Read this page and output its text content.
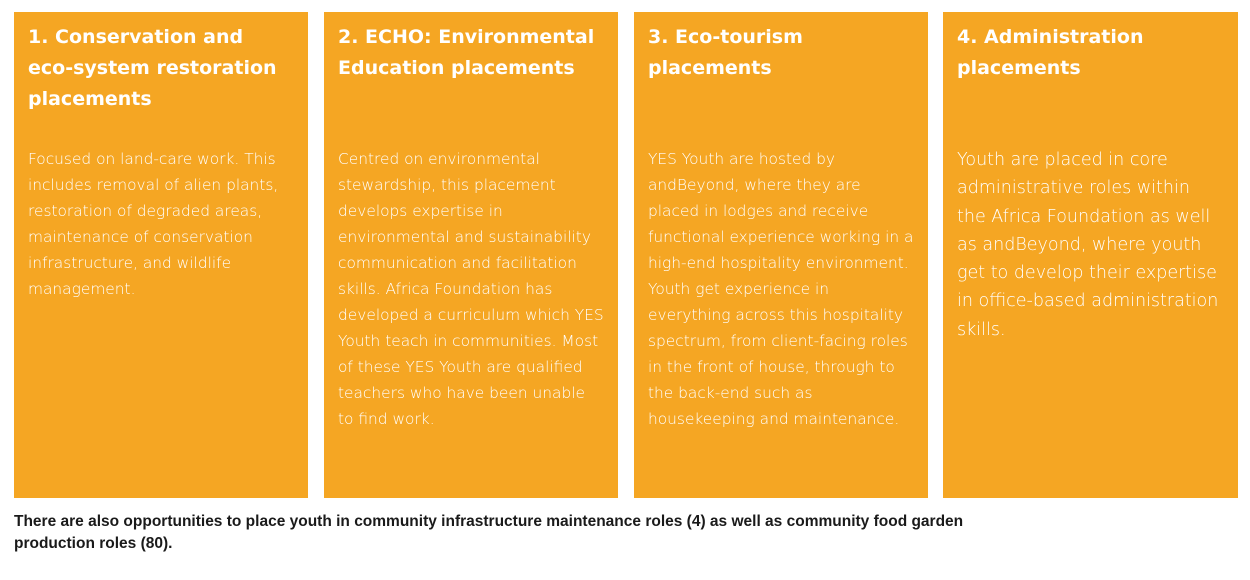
1. Conservation and eco-system restoration placements

Focused on land-care work. This includes removal of alien plants, restoration of degraded areas, maintenance of conservation infrastructure, and wildlife management.

2. ECHO: Environmental Education placements

Centred on environmental stewardship, this placement develops expertise in environmental and sustainability communication and facilitation skills. Africa Foundation has developed a curriculum which YES Youth teach in communities. Most of these YES Youth are qualified teachers who have been unable to find work.

3. Eco-tourism placements

YES Youth are hosted by andBeyond, where they are placed in lodges and receive functional experience working in a high-end hospitality environment. Youth get experience in everything across this hospitality spectrum, from client-facing roles in the front of house, through to the back-end such as housekeeping and maintenance.

4. Administration placements

Youth are placed in core administrative roles within the Africa Foundation as well as andBeyond, where youth get to develop their expertise in office-based administration skills.

There are also opportunities to place youth in community infrastructure maintenance roles (4) as well as community food garden production roles (80).
